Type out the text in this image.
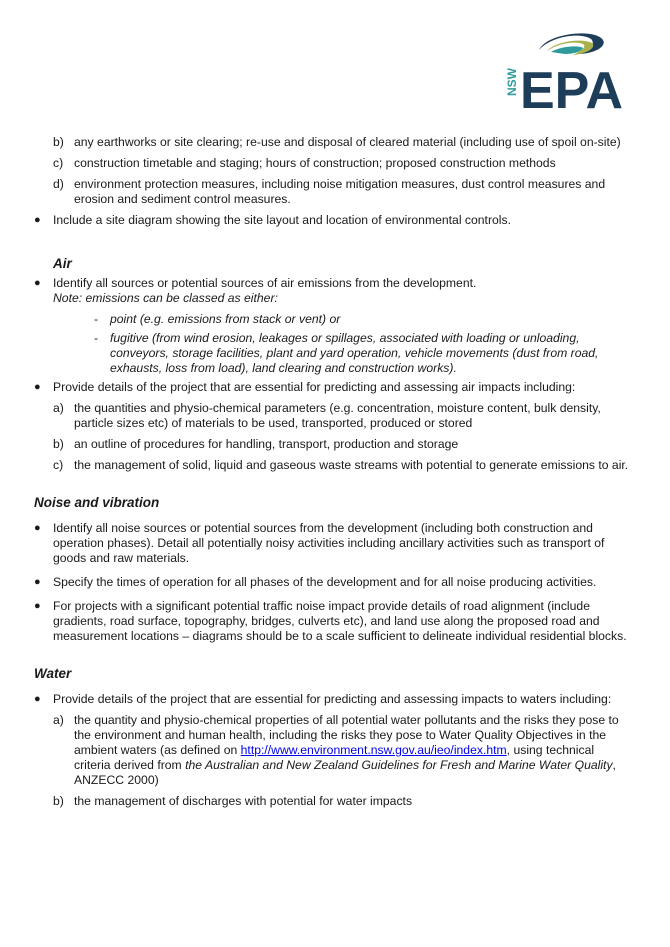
NSW EPA
b) any earthworks or site clearing; re-use and disposal of cleared material (including use of spoil on-site)
c) construction timetable and staging; hours of construction; proposed construction methods
d) environment protection measures, including noise mitigation measures, dust control measures and erosion and sediment control measures.
● Include a site diagram showing the site layout and location of environmental controls.
Air
● Identify all sources or potential sources of air emissions from the development.
Note: emissions can be classed as either:
- point (e.g. emissions from stack or vent) or
- fugitive (from wind erosion, leakages or spillages, associated with loading or unloading, conveyors, storage facilities, plant and yard operation, vehicle movements (dust from road, exhausts, loss from load), land clearing and construction works).
● Provide details of the project that are essential for predicting and assessing air impacts including:
a) the quantities and physio-chemical parameters (e.g. concentration, moisture content, bulk density, particle sizes etc) of materials to be used, transported, produced or stored
b) an outline of procedures for handling, transport, production and storage
c) the management of solid, liquid and gaseous waste streams with potential to generate emissions to air.
Noise and vibration
● Identify all noise sources or potential sources from the development (including both construction and operation phases). Detail all potentially noisy activities including ancillary activities such as transport of goods and raw materials.
● Specify the times of operation for all phases of the development and for all noise producing activities.
● For projects with a significant potential traffic noise impact provide details of road alignment (include gradients, road surface, topography, bridges, culverts etc), and land use along the proposed road and measurement locations – diagrams should be to a scale sufficient to delineate individual residential blocks.
Water
● Provide details of the project that are essential for predicting and assessing impacts to waters including:
a) the quantity and physio-chemical properties of all potential water pollutants and the risks they pose to the environment and human health, including the risks they pose to Water Quality Objectives in the ambient waters (as defined on http://www.environment.nsw.gov.au/ieo/index.htm, using technical criteria derived from the Australian and New Zealand Guidelines for Fresh and Marine Water Quality, ANZECC 2000)
b) the management of discharges with potential for water impacts
